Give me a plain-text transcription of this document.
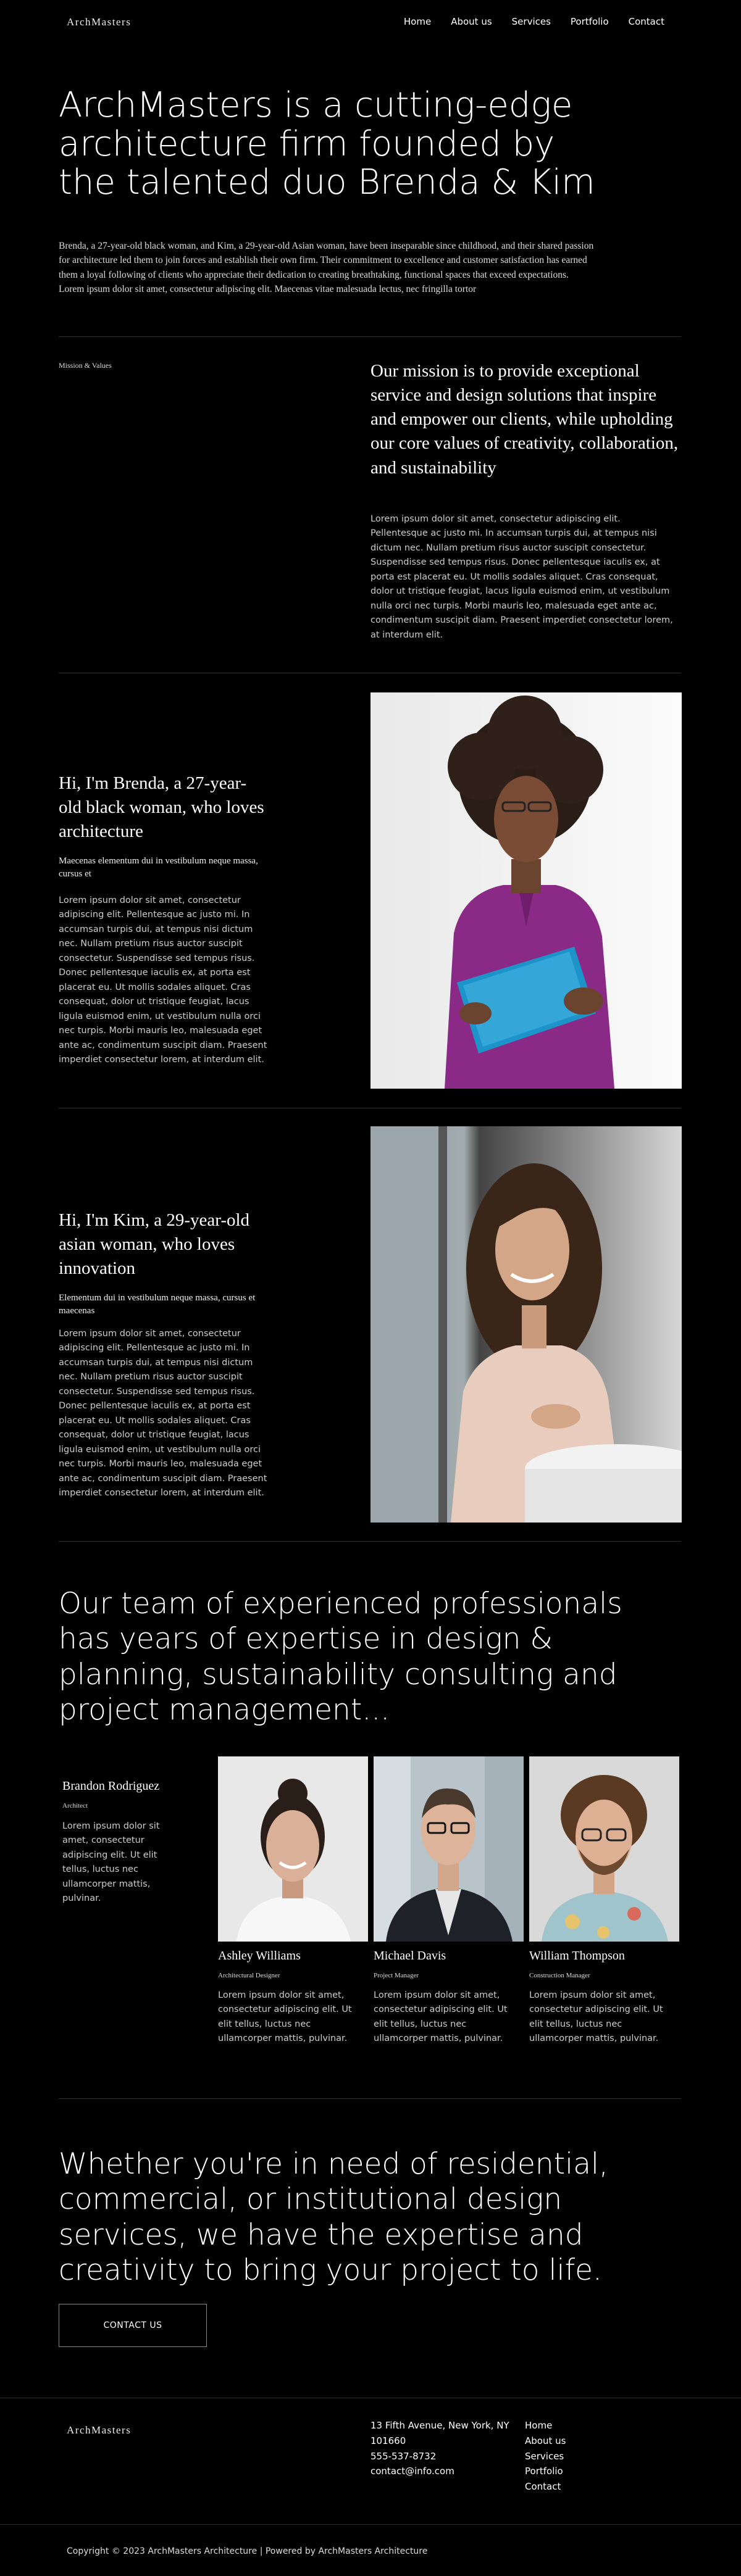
ArchMasters	Home About us Services Portfolio Contact
ArchMasters is a cutting-edge architecture firm founded by the talented duo Brenda & Kim

Brenda, a 27-year-old black woman, and Kim, a 29-year-old Asian woman, have been inseparable since childhood, and their shared passion for architecture led them to join forces and establish their own firm. Their commitment to excellence and customer satisfaction has earned them a loyal following of clients who appreciate their dedication to creating breathtaking, functional spaces that exceed expectations. Lorem ipsum dolor sit amet, consectetur adipiscing elit. Maecenas vitae malesuada lectus, nec fringilla tortor

Mission & Values	Our mission is to provide exceptional service and design solutions that inspire and empower our clients, while upholding our core values of creativity, collaboration, and sustainability

Lorem ipsum dolor sit amet, consectetur adipiscing elit. Pellentesque ac justo mi. In accumsan turpis dui, at tempus nisi dictum nec. Nullam pretium risus auctor suscipit consectetur. Suspendisse sed tempus risus. Donec pellentesque iaculis ex, at porta est placerat eu. Ut mollis sodales aliquet. Cras consequat, dolor ut tristique feugiat, lacus ligula euismod enim, ut vestibulum nulla orci nec turpis. Morbi mauris leo, malesuada eget ante ac, condimentum suscipit diam. Praesent imperdiet consectetur lorem, at interdum elit.

Hi, I'm Brenda, a 27-year-old black woman, who loves architecture
Maecenas elementum dui in vestibulum neque massa, cursus et

Lorem ipsum dolor sit amet, consectetur adipiscing elit. Pellentesque ac justo mi. In accumsan turpis dui, at tempus nisi dictum nec. Nullam pretium risus auctor suscipit consectetur. Suspendisse sed tempus risus. Donec pellentesque iaculis ex, at porta est placerat eu. Ut mollis sodales aliquet. Cras consequat, dolor ut tristique feugiat, lacus ligula euismod enim, ut vestibulum nulla orci nec turpis. Morbi mauris leo, malesuada eget ante ac, condimentum suscipit diam. Praesent imperdiet consectetur lorem, at interdum elit.

Hi, I'm Kim, a 29-year-old asian woman, who loves innovation
Elementum dui in vestibulum neque massa, cursus et maecenas

Lorem ipsum dolor sit amet, consectetur adipiscing elit. Pellentesque ac justo mi. In accumsan turpis dui, at tempus nisi dictum nec. Nullam pretium risus auctor suscipit consectetur. Suspendisse sed tempus risus. Donec pellentesque iaculis ex, at porta est placerat eu. Ut mollis sodales aliquet. Cras consequat, dolor ut tristique feugiat, lacus ligula euismod enim, ut vestibulum nulla orci nec turpis. Morbi mauris leo, malesuada eget ante ac, condimentum suscipit diam. Praesent imperdiet consectetur lorem, at interdum elit.

Our team of experienced professionals has years of expertise in design & planning, sustainability consulting and project management...
Brandon Rodriguez
Architect

Lorem ipsum dolor sit amet, consectetur adipiscing elit. Ut elit tellus, luctus nec ullamcorper mattis, pulvinar.

Ashley Williams
Architectural Designer

Lorem ipsum dolor sit amet, consectetur adipiscing elit. Ut elit tellus, luctus nec ullamcorper mattis, pulvinar.

Michael Davis
Project Manager

Lorem ipsum dolor sit amet, consectetur adipiscing elit. Ut elit tellus, luctus nec ullamcorper mattis, pulvinar.

William Thompson
Construction Manager

Lorem ipsum dolor sit amet, consectetur adipiscing elit. Ut elit tellus, luctus nec ullamcorper mattis, pulvinar.

Whether you're in need of residential, commercial, or institutional design services, we have the expertise and creativity to bring your project to life.
CONTACT US
ArchMasters	13 Fifth Avenue, New York, NY 101660
555-537-8732
contact@info.com
Home
About us
Services
Portfolio
Contact
Copyright © 2023 ArchMasters Architecture | Powered by ArchMasters Architecture
